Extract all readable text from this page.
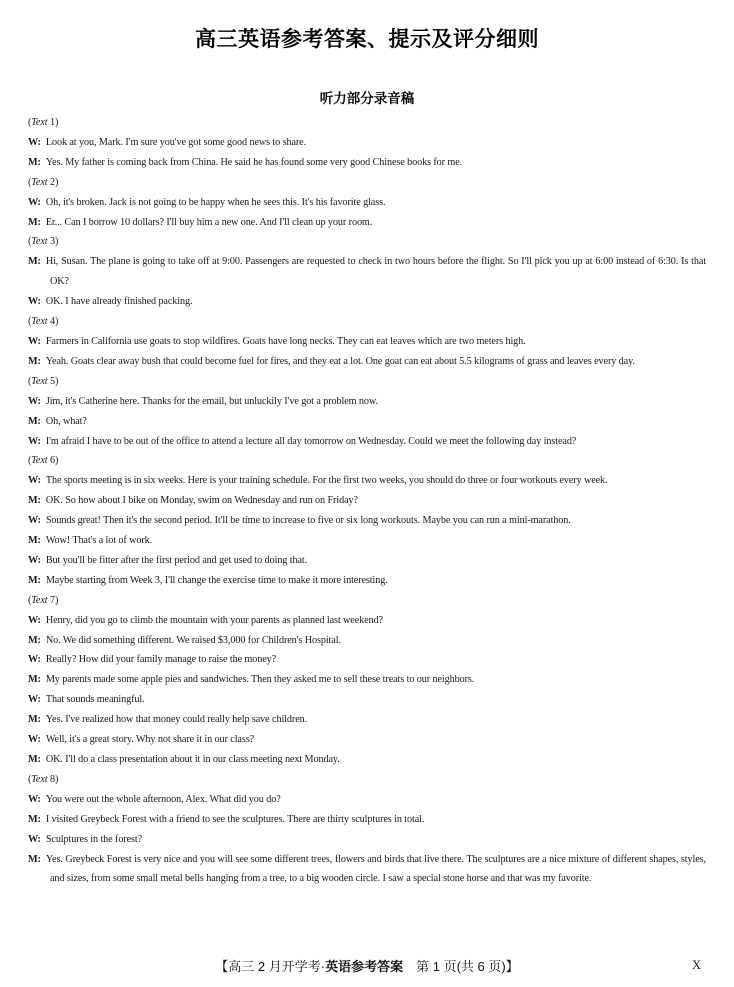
高三英语参考答案、提示及评分细则
听力部分录音稿

(Text 1)

W: Look at you, Mark. I'm sure you've got some good news to share.

M: Yes. My father is coming back from China. He said he has found some very good Chinese books for me.

(Text 2)

W: Oh, it's broken. Jack is not going to be happy when he sees this. It's his favorite glass.

M: Er... Can I borrow 10 dollars? I'll buy him a new one. And I'll clean up your room.

(Text 3)

M: Hi, Susan. The plane is going to take off at 9:00. Passengers are requested to check in two hours before the flight. So I'll pick you up at 6:00 instead of 6:30. Is that OK?

W: OK. I have already finished packing.

(Text 4)

W: Farmers in California use goats to stop wildfires. Goats have long necks. They can eat leaves which are two meters high.

M: Yeah. Goats clear away bush that could become fuel for fires, and they eat a lot. One goat can eat about 5.5 kilograms of grass and leaves every day.

(Text 5)

W: Jim, it's Catherine here. Thanks for the email, but unluckily I've got a problem now.

M: Oh, what?

W: I'm afraid I have to be out of the office to attend a lecture all day tomorrow on Wednesday. Could we meet the following day instead?

(Text 6)

W: The sports meeting is in six weeks. Here is your training schedule. For the first two weeks, you should do three or four workouts every week.

M: OK. So how about I bike on Monday, swim on Wednesday and run on Friday?

W: Sounds great! Then it's the second period. It'll be time to increase to five or six long workouts. Maybe you can run a mini-marathon.

M: Wow! That's a lot of work.

W: But you'll be fitter after the first period and get used to doing that.

M: Maybe starting from Week 3, I'll change the exercise time to make it more interesting.

(Text 7)

W: Henry, did you go to climb the mountain with your parents as planned last weekend?

M: No. We did something different. We raised $3,000 for Children's Hospital.

W: Really? How did your family manage to raise the money?

M: My parents made some apple pies and sandwiches. Then they asked me to sell these treats to our neighbors.

W: That sounds meaningful.

M: Yes. I've realized how that money could really help save children.

W: Well, it's a great story. Why not share it in our class?

M: OK. I'll do a class presentation about it in our class meeting next Monday.

(Text 8)

W: You were out the whole afternoon, Alex. What did you do?

M: I visited Greybeck Forest with a friend to see the sculptures. There are thirty sculptures in total.

W: Sculptures in the forest?

M: Yes. Greybeck Forest is very nice and you will see some different trees, flowers and birds that live there. The sculptures are a nice mixture of different shapes, styles, and sizes, from some small metal bells hanging from a tree, to a big wooden circle. I saw a special stone horse and that was my favorite.

【高三 2 月开学考·英语参考答案　第 1 页(共 6 页)】	X
